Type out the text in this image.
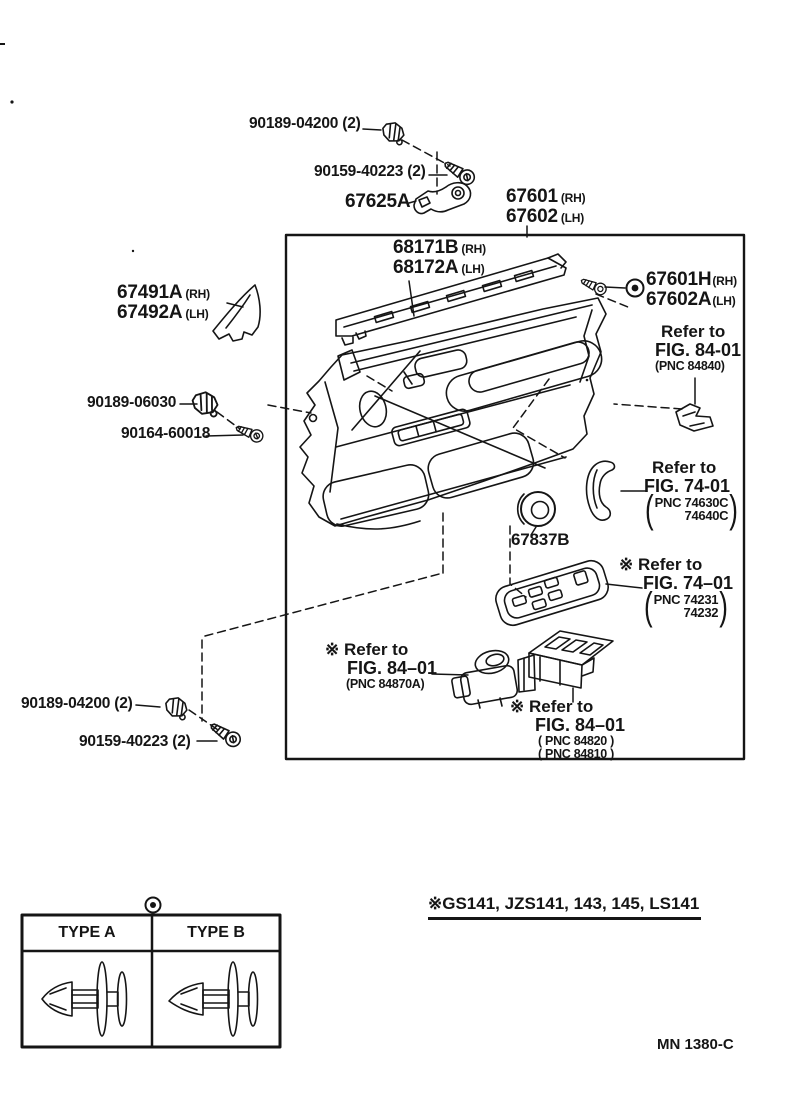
90189-04200 (2)
90159-40223 (2)
67625A	67601 (RH)
67602 (LH)
68171B (RH)
68172A (LH)
67601H(RH)
67602A(LH)
Refer to
FIG. 84-01
(PNC 84840)
67491A (RH)
67492A (LH)
90189-06030
90164-60018
Refer to
FIG. 74-01
( PNC 74630C
74640C )
67837B
※ Refer to
FIG. 74–01
( PNC 74231
74232 )
※ Refer to
FIG. 84–01
(PNC 84870A)
※ Refer to
FIG. 84–01
( PNC 84820 )
( PNC 84810 )
90189-04200 (2)
90159-40223 (2)
TYPE A	TYPE B
※GS141, JZS141, 143, 145, LS141
MN 1380-C
